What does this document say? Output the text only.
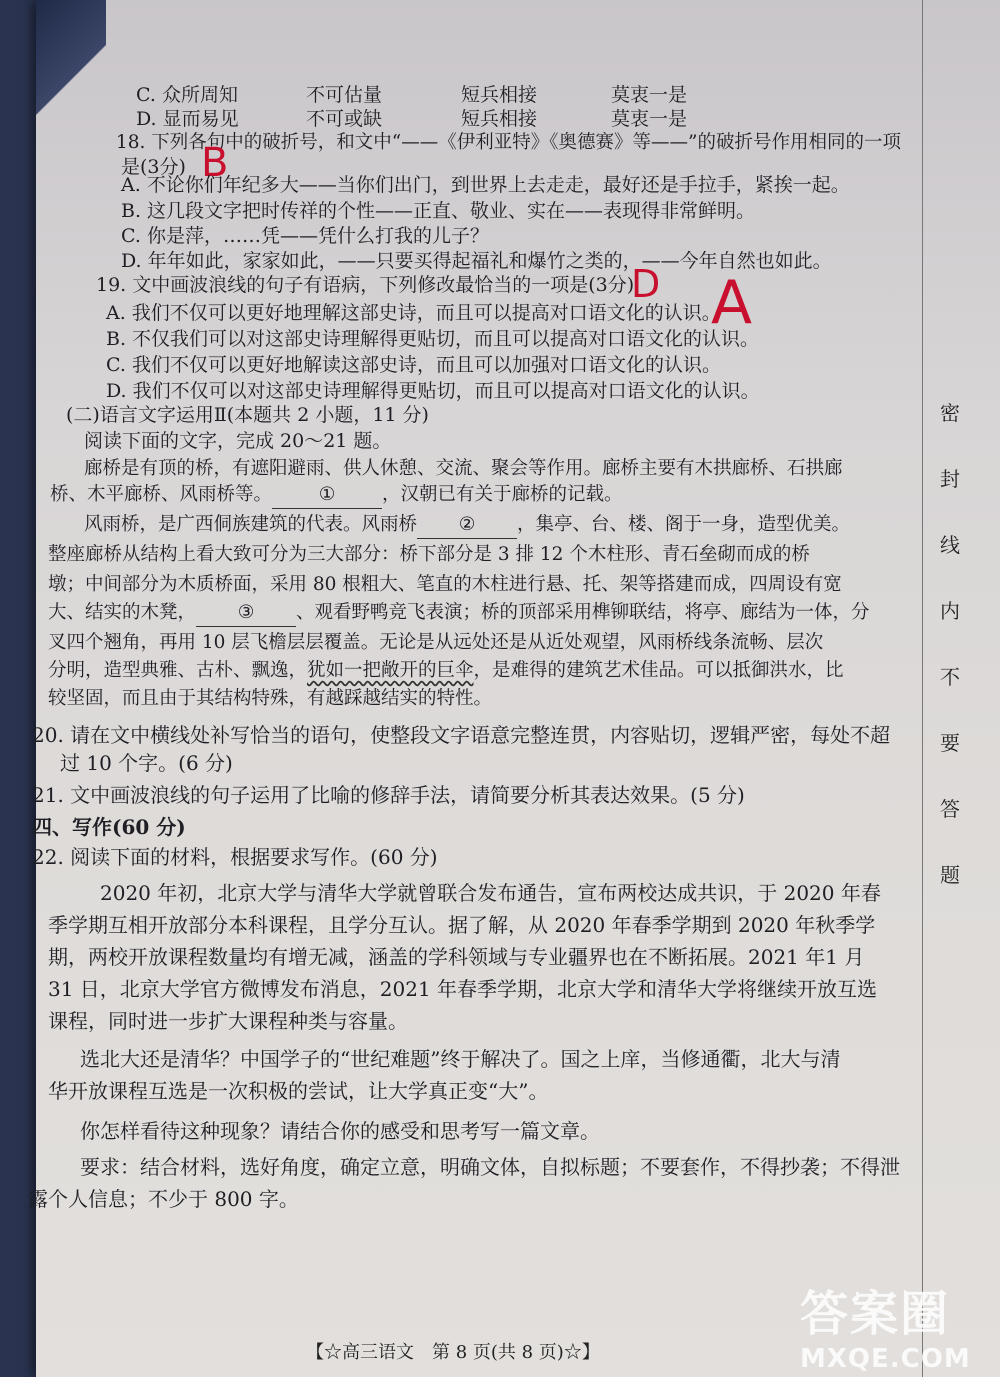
C. 众所周知	不可估量	短兵相接	莫衷一是
D. 显而易见	不可或缺	短兵相接	莫衷一是
18. 下列各句中的破折号，和文中“——《伊利亚特》《奥德赛》等——”的破折号作用相同的一项
是(3分) B
A. 不论你们年纪多大——当你们出门，到世界上去走走，最好还是手拉手，紧挨一起。
B. 这几段文字把时传祥的个性——正直、敬业、实在——表现得非常鲜明。
C. 你是萍，……凭——凭什么打我的儿子？
D. 年年如此，家家如此，——只要买得起福礼和爆竹之类的，——今年自然也如此。
19. 文中画波浪线的句子有语病，下列修改最恰当的一项是(3分)
D A
A. 我们不仅可以更好地理解这部史诗，而且可以提高对口语文化的认识。
B. 不仅我们可以对这部史诗理解得更贴切，而且可以提高对口语文化的认识。
C. 我们不仅可以更好地解读这部史诗，而且可以加强对口语文化的认识。
D. 我们不仅可以对这部史诗理解得更贴切，而且可以提高对口语文化的认识。
(二)语言文字运用Ⅱ(本题共 2 小题，11 分)
阅读下面的文字，完成 20～21 题。
廊桥是有顶的桥，有遮阳避雨、供人休憩、交流、聚会等作用。廊桥主要有木拱廊桥、石拱廊
桥、木平廊桥、风雨桥等。	①	，汉朝已有关于廊桥的记载。
风雨桥，是广西侗族建筑的代表。风雨桥 ② ，集亭、台、楼、阁于一身，造型优美。
整座廊桥从结构上看大致可分为三大部分：桥下部分是 3 排 12 个木柱形、青石垒砌而成的桥
墩；中间部分为木质桥面，采用 80 根粗大、笔直的木柱进行悬、托、架等搭建而成，四周设有宽
大、结实的木凳， ③ 、观看野鸭竞飞表演；桥的顶部采用榫铆联结，将亭、廊结为一体，分
叉四个翘角，再用 10 层飞檐层层覆盖。无论是从远处还是从近处观望，风雨桥线条流畅、层次
分明，造型典雅、古朴、飘逸，犹如一把敞开的巨伞，是难得的建筑艺术佳品。可以抵御洪水，比
较坚固，而且由于其结构特殊，有越踩越结实的特性。
20. 请在文中横线处补写恰当的语句，使整段文字语意完整连贯，内容贴切，逻辑严密，每处不超
过 10 个字。(6 分)
21. 文中画波浪线的句子运用了比喻的修辞手法，请简要分析其表达效果。(5 分)
四、写作(60 分)
22. 阅读下面的材料，根据要求写作。(60 分)
2020 年初，北京大学与清华大学就曾联合发布通告，宣布两校达成共识，于 2020 年春
季学期互相开放部分本科课程，且学分互认。据了解，从 2020 年春季学期到 2020 年秋季学
期，两校开放课程数量均有增无减，涵盖的学科领域与专业疆界也在不断拓展。2021 年1 月
31 日，北京大学官方微博发布消息，2021 年春季学期，北京大学和清华大学将继续开放互选
课程，同时进一步扩大课程种类与容量。
选北大还是清华？中国学子的“世纪难题”终于解决了。国之上庠，当修通衢，北大与清
华开放课程互选是一次积极的尝试，让大学真正变“大”。
你怎样看待这种现象？请结合你的感受和思考写一篇文章。
要求：结合材料，选好角度，确定立意，明确文体，自拟标题；不要套作，不得抄袭；不得泄
露个人信息；不少于 800 字。
【☆高三语文　第 8 页(共 8 页)☆】
密
封
线
内
不
要
答
题
答案圈
MXQE.COM
